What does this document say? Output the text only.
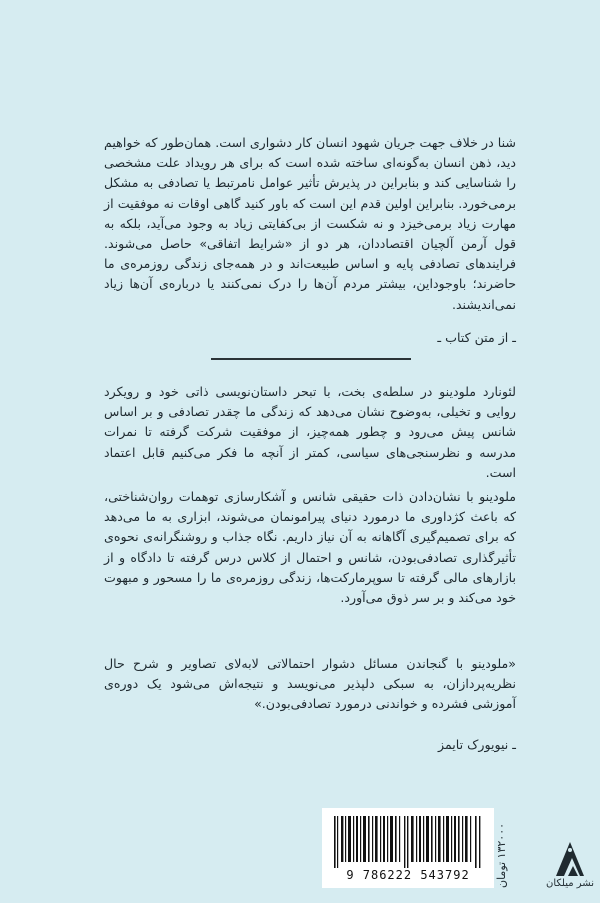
شنا در خلاف جهت جریان شهود انسان کار دشواری است. همان‌طور که خواهیم دید، ذهن انسان به‌گونه‌ای ساخته شده است که برای هر رویداد علت مشخصی را شناسایی کند و بنابراین در پذیرش تأثیر عوامل نامرتبط یا تصادفی به مشکل برمی‌خورد. بنابراین اولین قدم این است که باور کنید گاهی اوقات نه موفقیت از مهارت زیاد برمی‌خیزد و نه شکست از بی‌کفایتی زیاد به وجود می‌آید، بلکه به قول آرمن آلچیان اقتصاددان، هر دو از «شرایط اتفاقی» حاصل می‌شوند. فرایندهای تصادفی پایه و اساس طبیعت‌اند و در همه‌جای زندگی روزمره‌ی ما حاضرند؛ باوجوداین، بیشتر مردم آن‌ها را درک نمی‌کنند یا درباره‌ی آن‌ها زیاد نمی‌اندیشند.

ـ از متن کتاب ـ

لئونارد ملودینو در سلطه‌ی بخت، با تبحر داستان‌نویسی ذاتی خود و رویکرد روایی و تخیلی، به‌وضوح نشان می‌دهد که زندگی ما چقدر تصادفی و بر اساس شانس پیش می‌رود و چطور همه‌چیز، از موفقیت شرکت گرفته تا نمرات مدرسه و نظرسنجی‌های سیاسی، کمتر از آنچه ما فکر می‌کنیم قابل اعتماد است.

ملودینو با نشان‌دادن ذات حقیقی شانس و آشکارسازی توهمات روان‌شناختی، که باعث کژداوری ما درمورد دنیای پیرامونمان می‌شوند، ابزاری به ما می‌دهد که برای تصمیم‌گیری آگاهانه به آن نیاز داریم. نگاه جذاب و روشنگرانه‌ی نحوه‌ی تأثیرگذاری تصادفی‌بودن، شانس و احتمال از کلاس درس گرفته تا دادگاه و از بازارهای مالی گرفته تا سوپرمارکت‌ها، زندگی روزمره‌ی ما را مسحور و مبهوت خود می‌کند و بر سر ذوق می‌آورد.

«ملودینو با گنجاندن مسائل دشوار احتمالاتی لابه‌لای تصاویر و شرح حال نظریه‌پردازان، به سبکی دلپذیر می‌نویسد و نتیجه‌اش می‌شود یک دوره‌ی آموزشی فشرده و خواندنی درمورد تصادفی‌بودن.»

ـ نیویورک تایمز
9 786222 543792	۱۳۲۰۰۰ تومان
نشر میلکان
